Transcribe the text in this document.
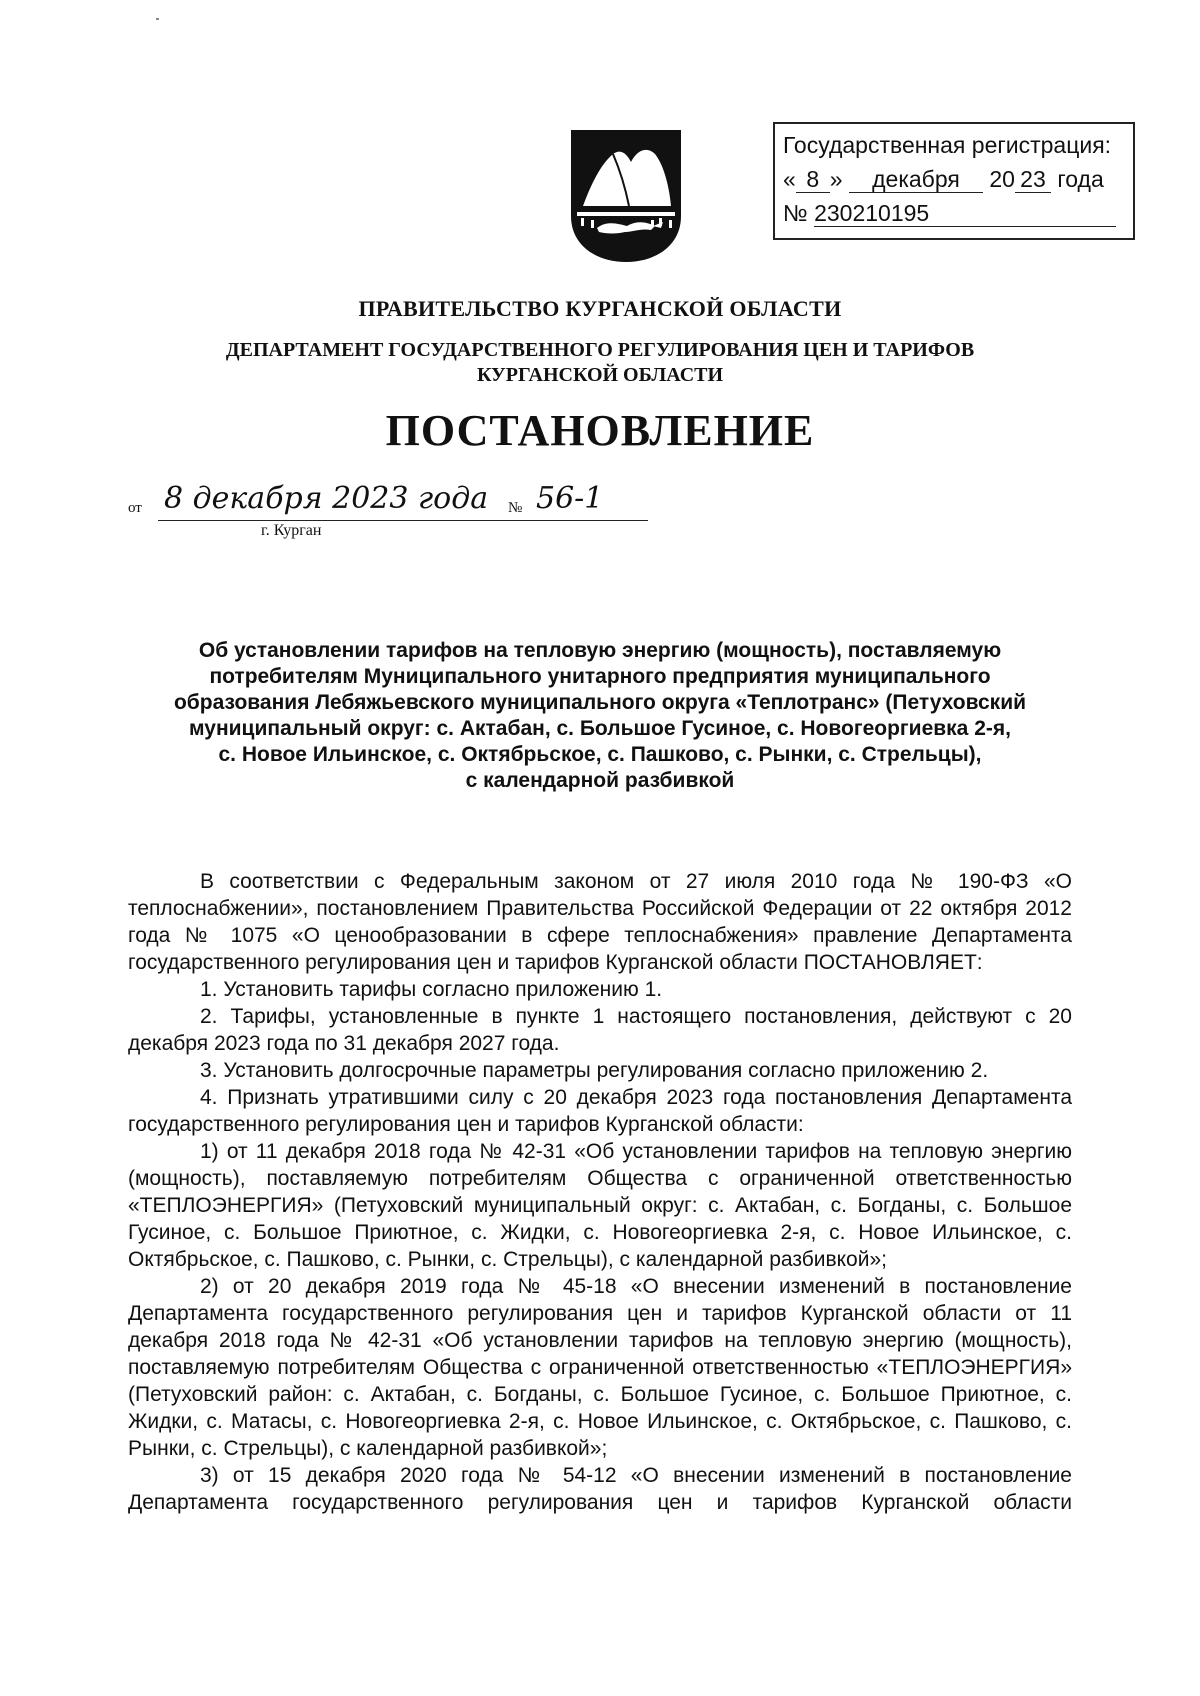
Государственная регистрация:
« 8 » декабря 20 23 года
№ 230210195
ПРАВИТЕЛЬСТВО КУРГАНСКОЙ ОБЛАСТИ
ДЕПАРТАМЕНТ ГОСУДАРСТВЕННОГО РЕГУЛИРОВАНИЯ ЦЕН И ТАРИФОВ
КУРГАНСКОЙ ОБЛАСТИ
ПОСТАНОВЛЕНИЕ
от 8 декабря 2023 года	№ 56-1
г. Курган
Об установлении тарифов на тепловую энергию (мощность), поставляемую
потребителям Муниципального унитарного предприятия муниципального
образования Лебяжьевского муниципального округа «Теплотранс» (Петуховский
муниципальный округ: с. Актабан, с. Большое Гусиное, с. Новогеоргиевка 2-я,
с. Новое Ильинское, с. Октябрьское, с. Пашково, с. Рынки, с. Стрельцы),
с календарной разбивкой

В соответствии с Федеральным законом от 27 июля 2010 года № 190-ФЗ «О теплоснабжении», постановлением Правительства Российской Федерации от 22 октября 2012 года № 1075 «О ценообразовании в сфере теплоснабжения» правление Департамента государственного регулирования цен и тарифов Курганской области ПОСТАНОВЛЯЕТ:

1. Установить тарифы согласно приложению 1.

2. Тарифы, установленные в пункте 1 настоящего постановления, действуют с 20 декабря 2023 года по 31 декабря 2027 года.

3. Установить долгосрочные параметры регулирования согласно приложению 2.

4. Признать утратившими силу с 20 декабря 2023 года постановления Департамента государственного регулирования цен и тарифов Курганской области:

1) от 11 декабря 2018 года № 42-31 «Об установлении тарифов на тепловую энергию (мощность), поставляемую потребителям Общества с ограниченной ответственностью «ТЕПЛОЭНЕРГИЯ» (Петуховский муниципальный округ: с. Актабан, с. Богданы, с. Большое Гусиное, с. Большое Приютное, с. Жидки, с. Новогеоргиевка 2-я, с. Новое Ильинское, с. Октябрьское, с. Пашково, с. Рынки, с. Стрельцы), с календарной разбивкой»;

2) от 20 декабря 2019 года № 45-18 «О внесении изменений в постановление Департамента государственного регулирования цен и тарифов Курганской области от 11 декабря 2018 года № 42-31 «Об установлении тарифов на тепловую энергию (мощность), поставляемую потребителям Общества с ограниченной ответственностью «ТЕПЛОЭНЕРГИЯ» (Петуховский район: с. Актабан, с. Богданы, с. Большое Гусиное, с. Большое Приютное, с. Жидки, с. Матасы, с. Новогеоргиевка 2-я, с. Новое Ильинское, с. Октябрьское, с. Пашково, с. Рынки, с. Стрельцы), с календарной разбивкой»;

3) от 15 декабря 2020 года № 54-12 «О внесении изменений в постановление Департамента государственного регулирования цен и тарифов Курганской области
